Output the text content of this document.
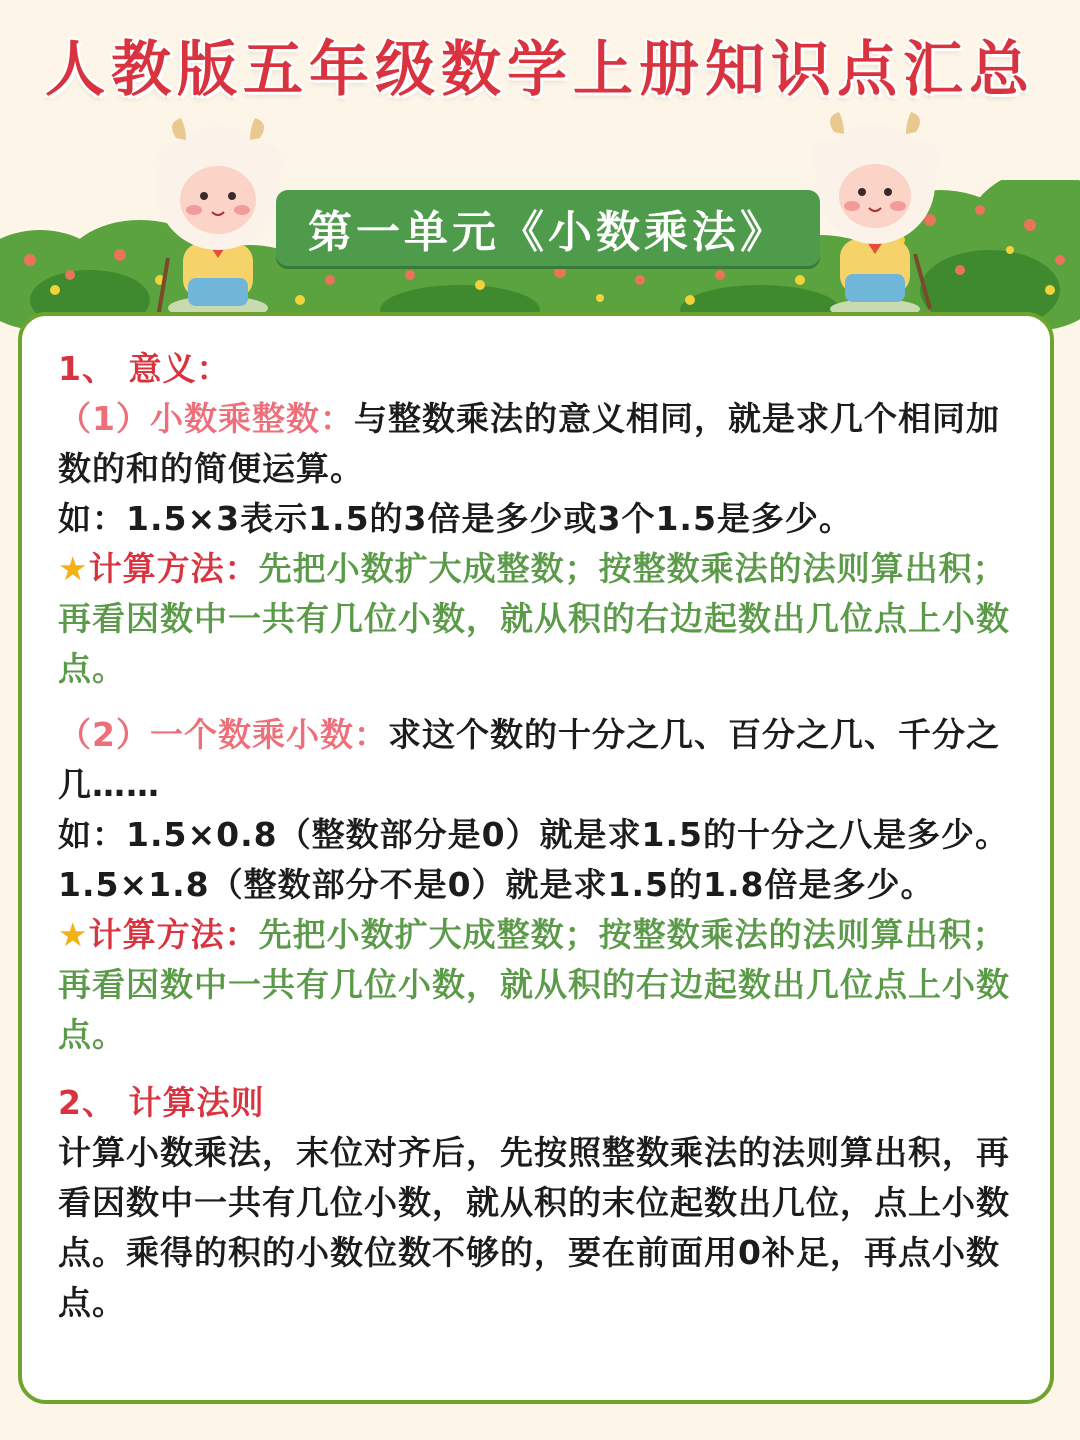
人教版五年级数学上册知识点汇总
第一单元《小数乘法》

1、 意义：

（1）小数乘整数：与整数乘法的意义相同，就是求几个相同加数的和的简便运算。

如：1.5×3表示1.5的3倍是多少或3个1.5是多少。

★计算方法：先把小数扩大成整数；按整数乘法的法则算出积；再看因数中一共有几位小数，就从积的右边起数出几位点上小数点。

（2）一个数乘小数：求这个数的十分之几、百分之几、千分之几……

如：1.5×0.8（整数部分是0）就是求1.5的十分之八是多少。

1.5×1.8（整数部分不是0）就是求1.5的1.8倍是多少。

★计算方法：先把小数扩大成整数；按整数乘法的法则算出积；再看因数中一共有几位小数，就从积的右边起数出几位点上小数点。

2、 计算法则

计算小数乘法，末位对齐后，先按照整数乘法的法则算出积，再看因数中一共有几位小数，就从积的末位起数出几位，点上小数点。乘得的积的小数位数不够的，要在前面用0补足，再点小数点。
